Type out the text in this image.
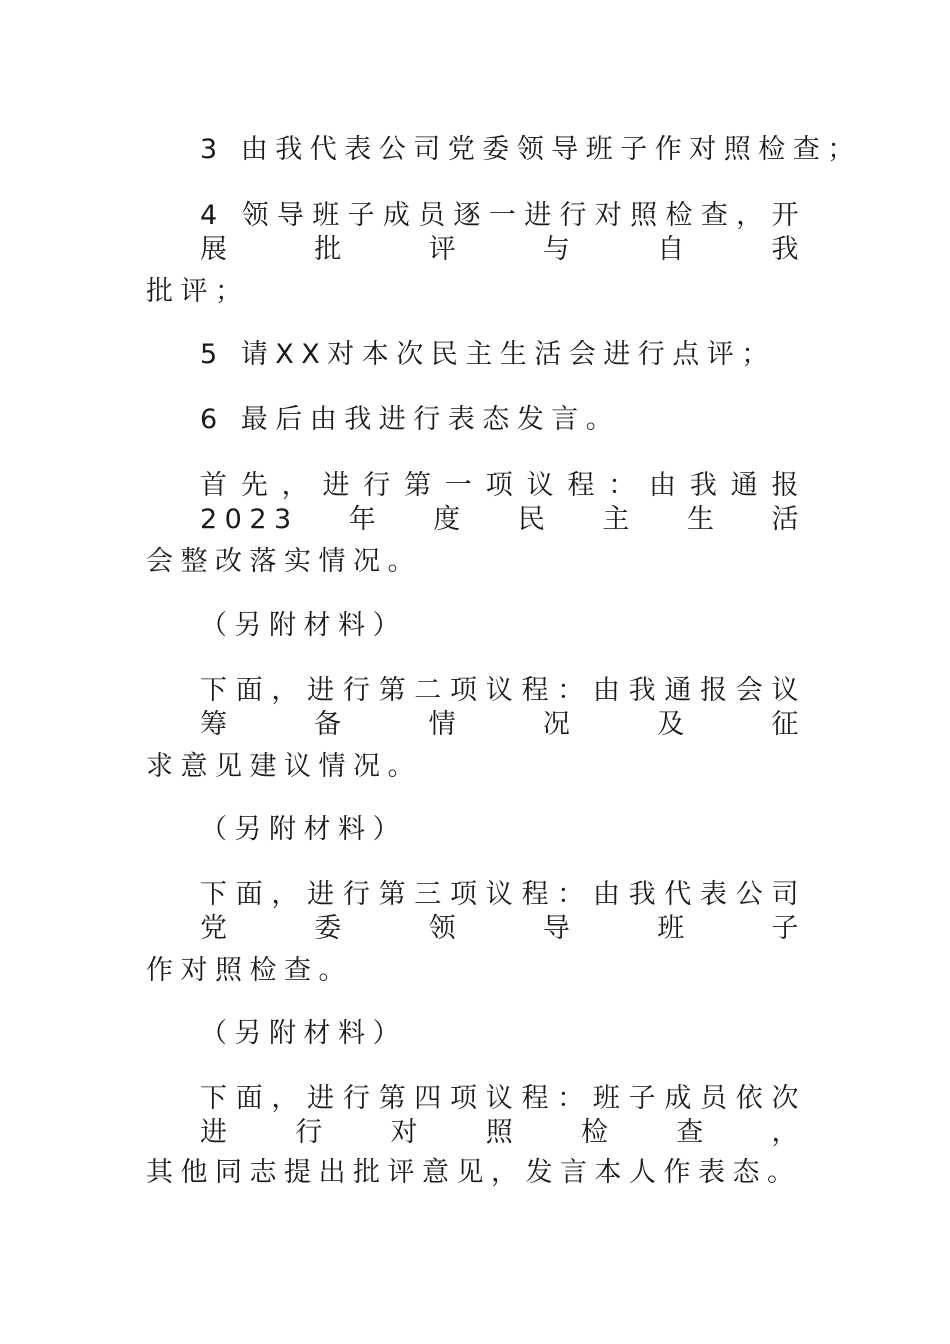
3 由我代表公司党委领导班子作对照检查；

4 领导班子成员逐一进行对照检查，开展批评与自我

批评；

5 请XX对本次民主生活会进行点评；

6 最后由我进行表态发言。

首先，进行第一项议程：由我通报2023年度民主生活

会整改落实情况。

（另附材料）

下面，进行第二项议程：由我通报会议筹备情况及征

求意见建议情况。

（另附材料）

下面，进行第三项议程：由我代表公司党委领导班子

作对照检查。

（另附材料）

下面，进行第四项议程：班子成员依次进行对照检查，

其他同志提出批评意见，发言本人作表态。
